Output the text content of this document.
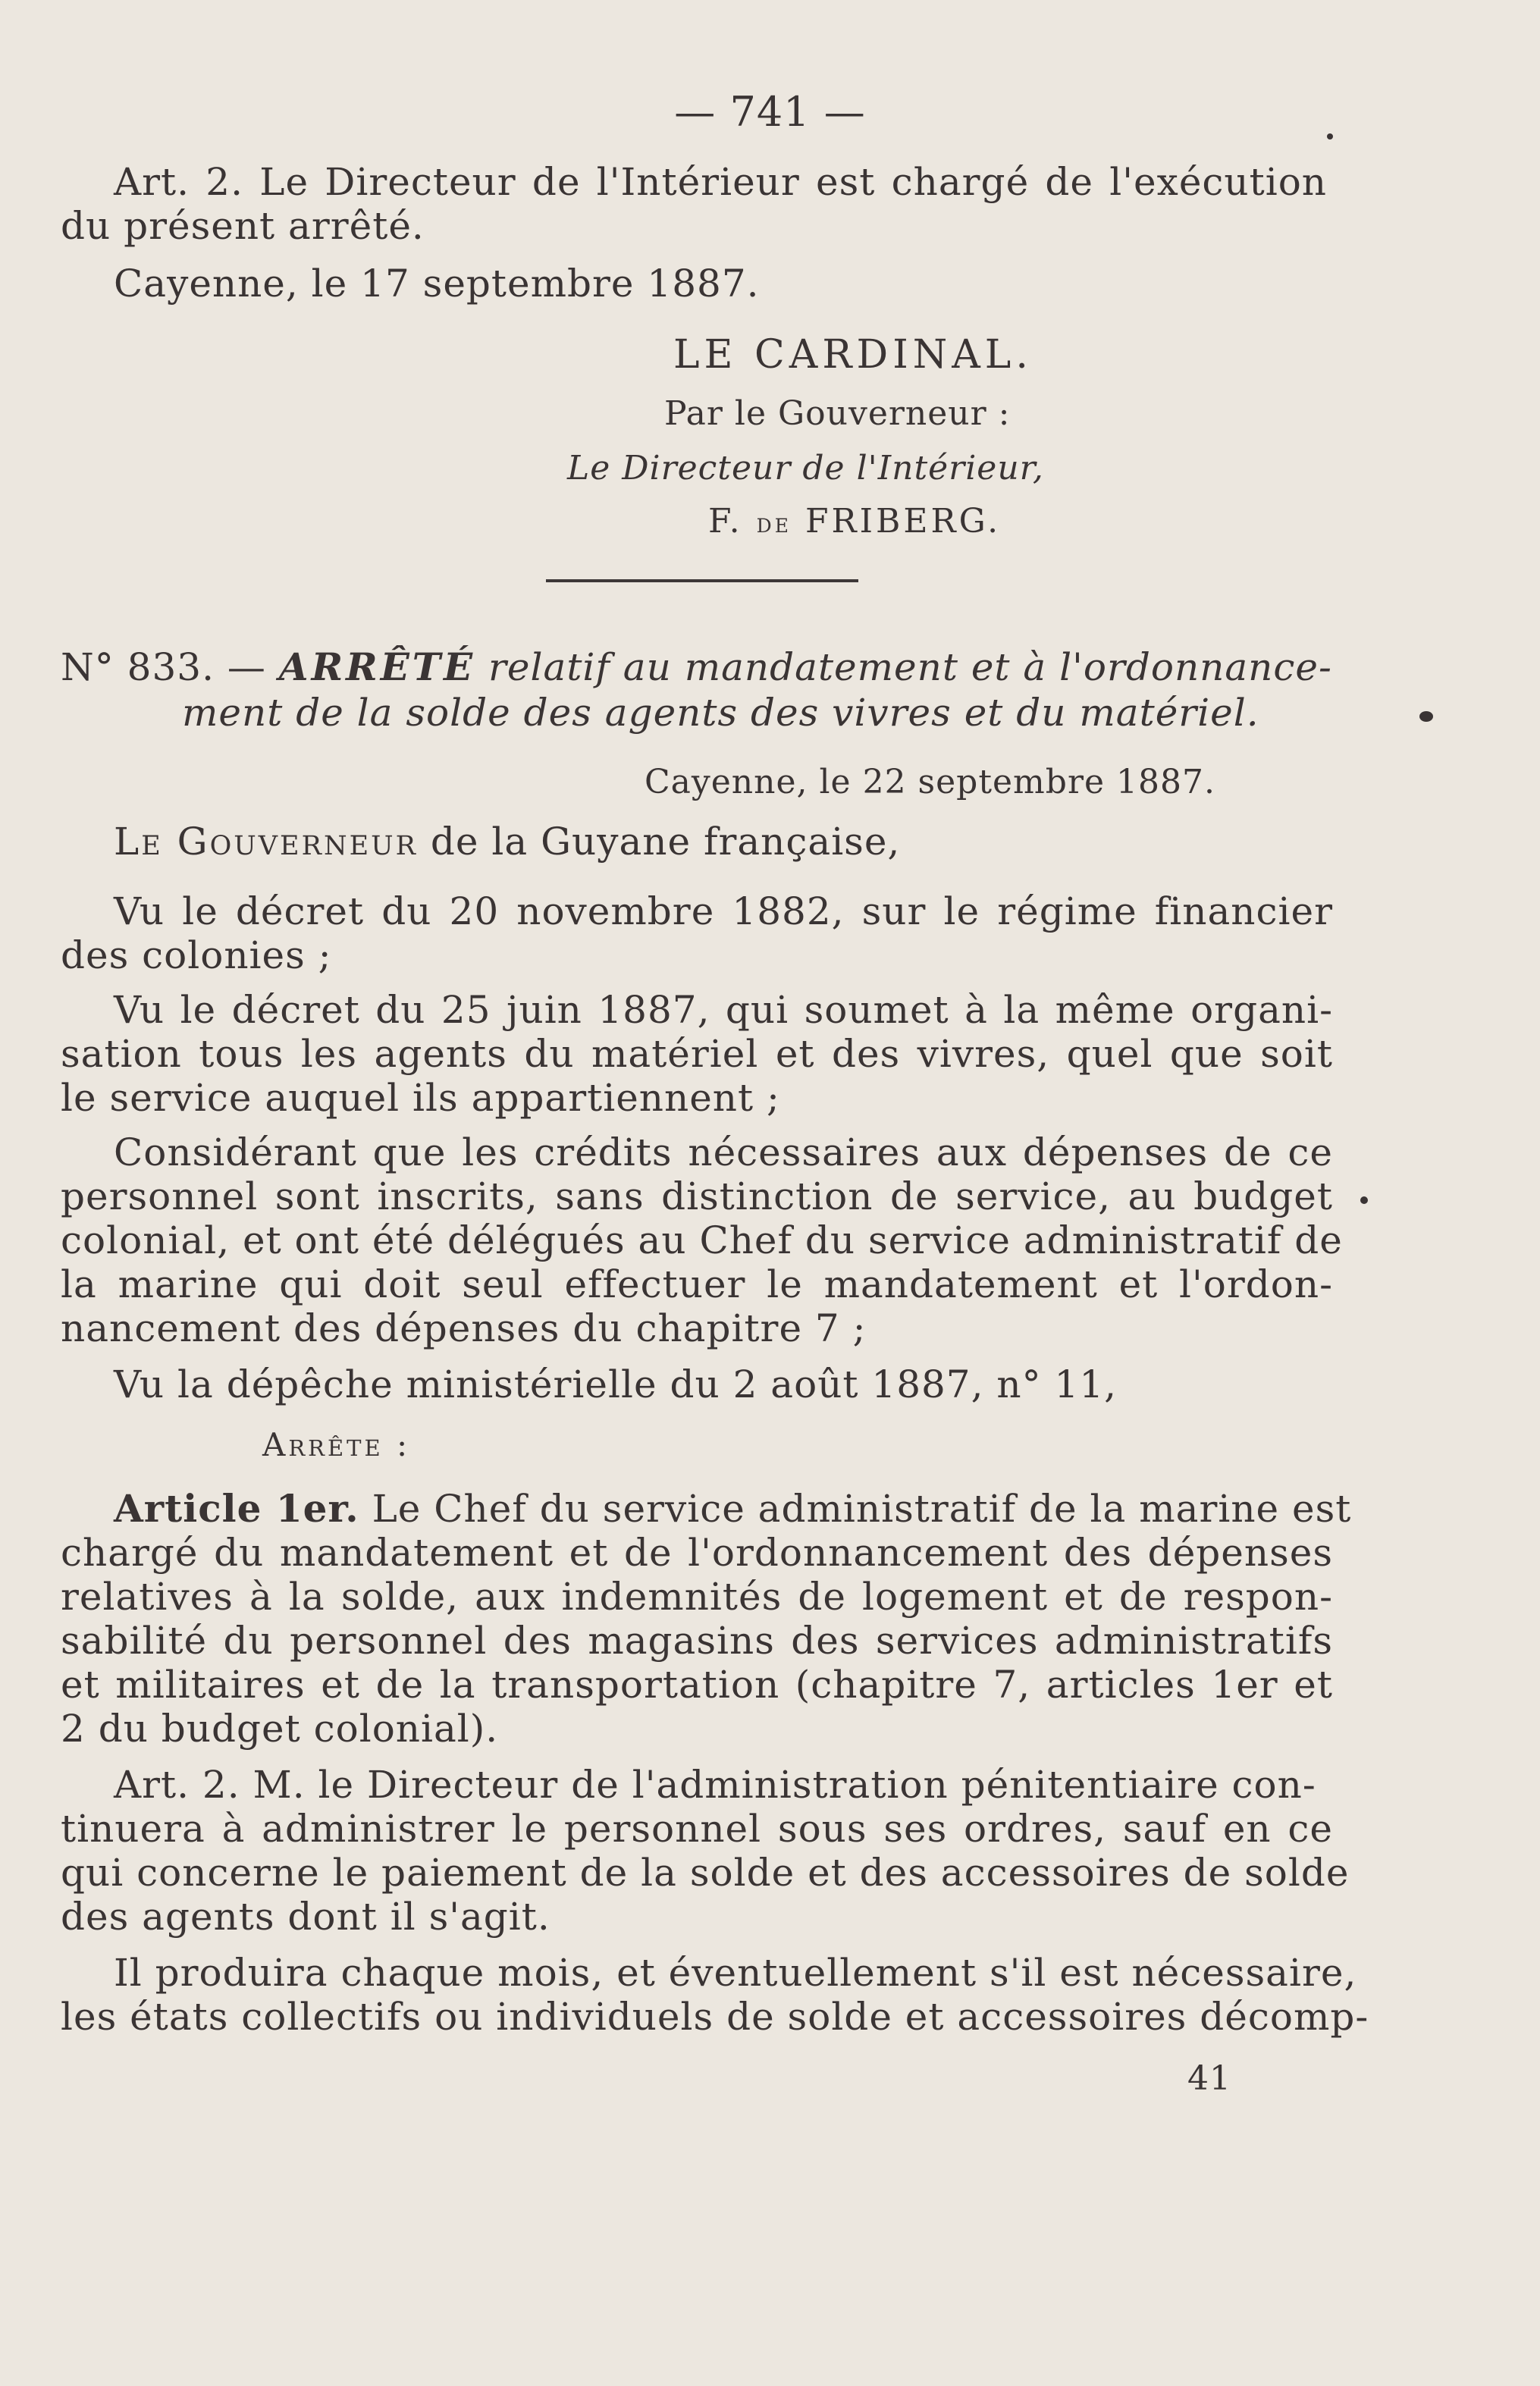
— 741 —
Art. 2. Le Directeur de l'Intérieur est chargé de l'exécution
du présent arrêté.
Cayenne, le 17 septembre 1887.
LE CARDINAL.
Par le Gouverneur :
Le Directeur de l'Intérieur,
F. de FRIBERG.
N° 833. — ARRÊTÉ relatif au mandatement et à l'ordonnance-
ment de la solde des agents des vivres et du matériel.
Cayenne, le 22 septembre 1887.
Le Gouverneur de la Guyane française,
Vu le décret du 20 novembre 1882, sur le régime financier
des colonies ;
Vu le décret du 25 juin 1887, qui soumet à la même organi-
sation tous les agents du matériel et des vivres, quel que soit
le service auquel ils appartiennent ;
Considérant que les crédits nécessaires aux dépenses de ce
personnel sont inscrits, sans distinction de service, au budget
colonial, et ont été délégués au Chef du service administratif de
la marine qui doit seul effectuer le mandatement et l'ordon-
nancement des dépenses du chapitre 7 ;
Vu la dépêche ministérielle du 2 août 1887, n° 11,
Arrête :
Article 1er. Le Chef du service administratif de la marine est
chargé du mandatement et de l'ordonnancement des dépenses
relatives à la solde, aux indemnités de logement et de respon-
sabilité du personnel des magasins des services administratifs
et militaires et de la transportation (chapitre 7, articles 1er et
2 du budget colonial).
Art. 2. M. le Directeur de l'administration pénitentiaire con-
tinuera à administrer le personnel sous ses ordres, sauf en ce
qui concerne le paiement de la solde et des accessoires de solde
des agents dont il s'agit.
Il produira chaque mois, et éventuellement s'il est nécessaire,
les états collectifs ou individuels de solde et accessoires décomp-
41
